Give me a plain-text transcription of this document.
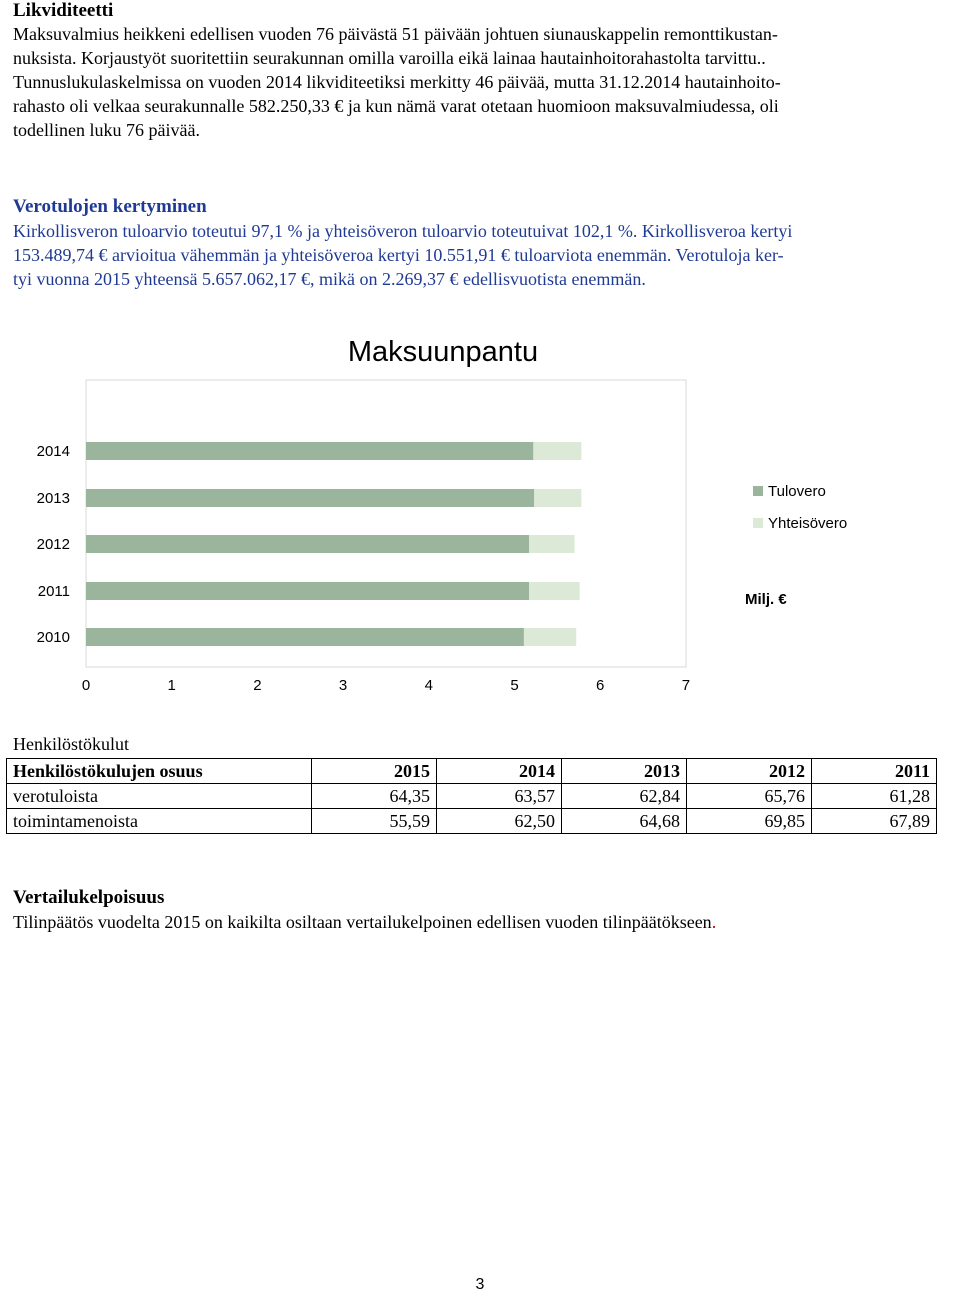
Likviditeetti
Maksuvalmius heikkeni edellisen vuoden 76 päivästä 51 päivään johtuen siunauskappelin remonttikustan-
nuksista. Korjaustyöt suoritettiin seurakunnan omilla varoilla eikä lainaa hautainhoitorahastolta tarvittu..
Tunnuslukulaskelmissa on vuoden 2014 likviditeetiksi merkitty 46 päivää, mutta 31.12.2014 hautainhoito-
rahasto oli velkaa seurakunnalle 582.250,33 € ja kun nämä varat otetaan huomioon maksuvalmiudessa, oli
todellinen luku 76 päivää.
Verotulojen kertyminen
Kirkollisveron tuloarvio toteutui 97,1 % ja yhteisöveron tuloarvio toteutuivat 102,1 %. Kirkollisveroa kertyi
153.489,74 € arvioitua vähemmän ja yhteisöveroa kertyi 10.551,91 € tuloarviota enemmän. Verotuloja ker-
tyi vuonna 2015 yhteensä 5.657.062,17 €, mikä on 2.269,37 € edellisvuotista enemmän.
Maksuunpantu
2014
2013
2012
2011
2010
0	1	2	3	4	5	6	7
Tulovero
Yhteisövero
Milj. €
Henkilöstökulut
Henkilöstökulujen osuus	2015	2014	2013	2012	2011
verotuloista	64,35	63,57	62,84	65,76	61,28
toimintamenoista	55,59	62,50	64,68	69,85	67,89
Vertailukelpoisuus
Tilinpäätös vuodelta 2015 on kaikilta osiltaan vertailukelpoinen edellisen vuoden tilinpäätökseen.
3
